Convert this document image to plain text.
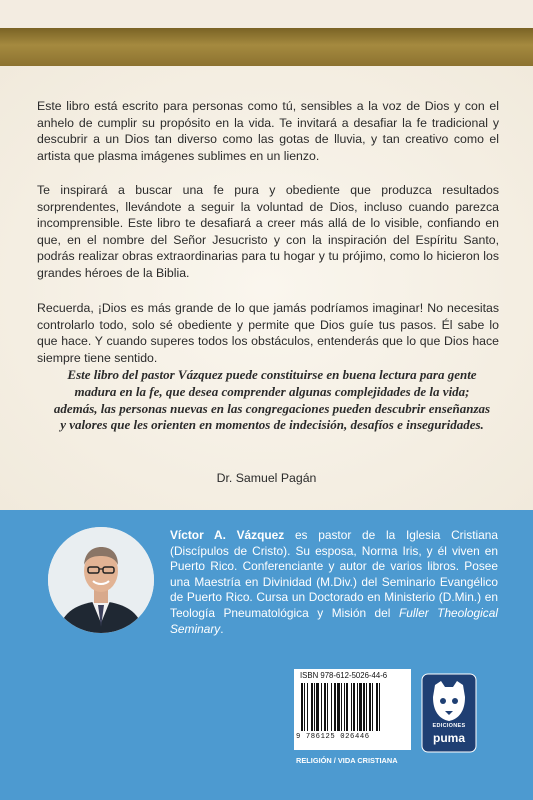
Este libro está escrito para personas como tú, sensibles a la voz de Dios y con el anhelo de cumplir su propósito en la vida. Te invitará a desafiar la fe tradicional y descubrir a un Dios tan diverso como las gotas de lluvia, y tan creativo como el artista que plasma imágenes sublimes en un lienzo.

Te inspirará a buscar una fe pura y obediente que produzca resultados sorprendentes, llevándote a seguir la voluntad de Dios, incluso cuando parezca incomprensible. Este libro te desafiará a creer más allá de lo visible, confiando en que, en el nombre del Señor Jesucristo y con la inspiración del Espíritu Santo, podrás realizar obras extraordinarias para tu hogar y tu prójimo, como lo hicieron los grandes héroes de la Biblia.

Recuerda, ¡Dios es más grande de lo que jamás podríamos imaginar! No necesitas controlarlo todo, solo sé obediente y permite que Dios guíe tus pasos. Él sabe lo que hace. Y cuando superes todos los obstáculos, entenderás que lo que Dios hace siempre tiene sentido.

Este libro del pastor Vázquez puede constituirse en buena lectura para gente madura en la fe, que desea comprender algunas complejidades de la vida; además, las personas nuevas en las congregaciones pueden descubrir enseñanzas y valores que les orienten en momentos de indecisión, desafíos e inseguridades.

Dr. Samuel Pagán

Víctor A. Vázquez es pastor de la Iglesia Cristiana (Discípulos de Cristo). Su esposa, Norma Iris, y él viven en Puerto Rico. Conferenciante y autor de varios libros. Posee una Maestría en Divinidad (M.Div.) del Seminario Evangélico de Puerto Rico. Cursa un Doctorado en Ministerio (D.Min.) en Teología Pneumatológica y Misión del Fuller Theological Seminary.

ISBN 978-612-5026-44-6
9 786125 026446
RELIGIÓN / VIDA CRISTIANA
EDICIONES
puma
